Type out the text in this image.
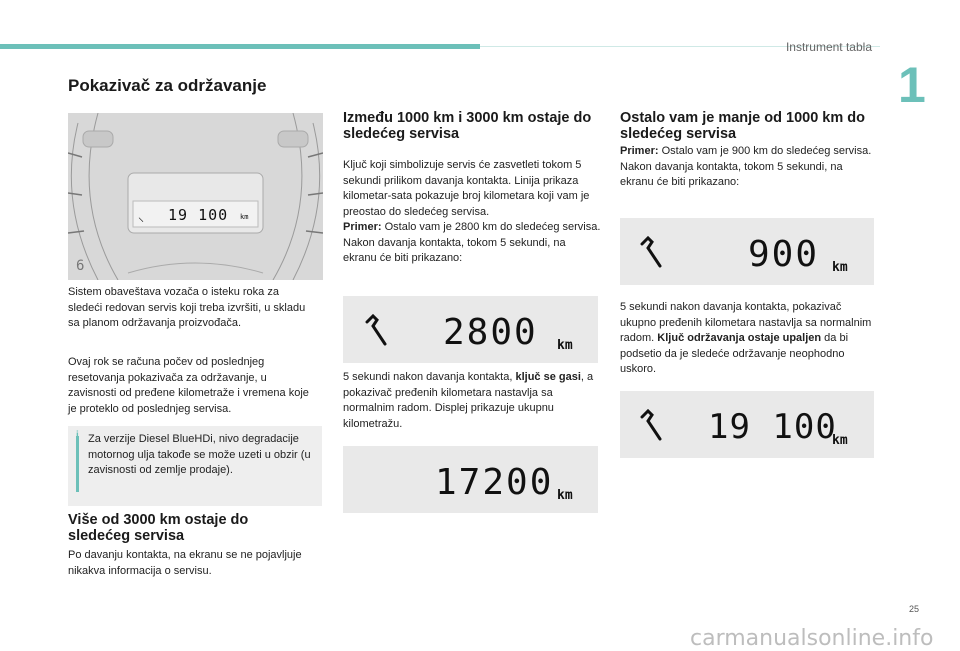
Instrument tabla
1
Pokazivač za održavanje
⸜ 19 100 km
6
Sistem obaveštava vozača o isteku roka za sledeći redovan servis koji treba izvršiti, u skladu sa planom održavanja proizvođača.
Ovaj rok se računa počev od poslednjeg resetovanja pokazivača za održavanje, u zavisnosti od pređene kilometraže i vremena koje je proteklo od poslednjeg servisa.
i Za verzije Diesel BlueHDi, nivo degradacije motornog ulja takođe se može uzeti u obzir (u zavisnosti od zemlje prodaje).
Više od 3000 km ostaje do sledećeg servisa
Po davanju kontakta, na ekranu se ne pojavljuje nikakva informacija o servisu.
Između 1000 km i 3000 km ostaje do sledećeg servisa
Ključ koji simbolizuje servis će zasvetleti tokom 5 sekundi prilikom davanja kontakta. Linija prikaza kilometar-sata pokazuje broj kilometara koji vam je preostao do sledećeg servisa.
Primer: Ostalo vam je 2800 km do sledećeg servisa.
Nakon davanja kontakta, tokom 5 sekundi, na ekranu će biti prikazano:
2800 km
5 sekundi nakon davanja kontakta, ključ se gasi, a pokazivač pređenih kilometara nastavlja sa normalnim radom. Displej prikazuje ukupnu kilometražu.
17200 km
Ostalo vam je manje od 1000 km do sledećeg servisa
Primer: Ostalo vam je 900 km do sledećeg servisa.
Nakon davanja kontakta, tokom 5 sekundi, na ekranu će biti prikazano:
900 km
5 sekundi nakon davanja kontakta, pokazivač ukupno pređenih kilometara nastavlja sa normalnim radom. Ključ održavanja ostaje upaljen da bi podsetio da je sledeće održavanje neophodno uskoro.
19 100
km
25
carmanualsonline.info
